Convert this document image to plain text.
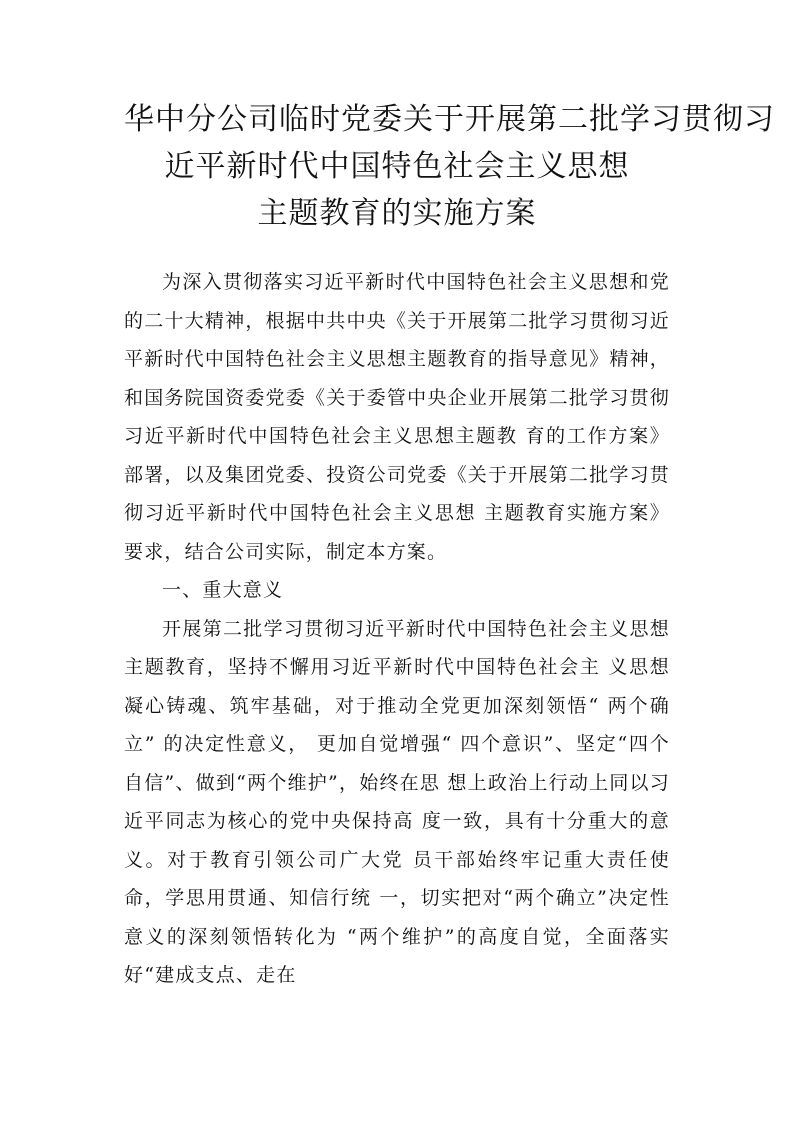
华中分公司临时党委关于开展第二批学习贯彻习
近平新时代中国特色社会主义思想
主题教育的实施方案

为深入贯彻落实习近平新时代中国特色社会主义思想和党的二十大精神，根据中共中央《关于开展第二批学习贯彻习近平新时代中国特色社会主义思想主题教育的指导意见》精神，和国务院国资委党委《关于委管中央企业开展第二批学习贯彻习近平新时代中国特色社会主义思想主题教 育的工作方案》部署，以及集团党委、投资公司党委《关于开展第二批学习贯彻习近平新时代中国特色社会主义思想 主题教育实施方案》要求，结合公司实际，制定本方案。

一、重大意义

开展第二批学习贯彻习近平新时代中国特色社会主义思想主题教育，坚持不懈用习近平新时代中国特色社会主 义思想凝心铸魂、筑牢基础，对于推动全党更加深刻领悟“ 两个确立” 的决定性意义， 更加自觉增强“ 四个意识”、坚定“四个自信”、做到“两个维护”，始终在思 想上政治上行动上同以习近平同志为核心的党中央保持高 度一致，具有十分重大的意义。对于教育引领公司广大党 员干部始终牢记重大责任使命，学思用贯通、知信行统 一，切实把对“两个确立”决定性意义的深刻领悟转化为 “两个维护”的高度自觉，全面落实好“建成支点、走在
